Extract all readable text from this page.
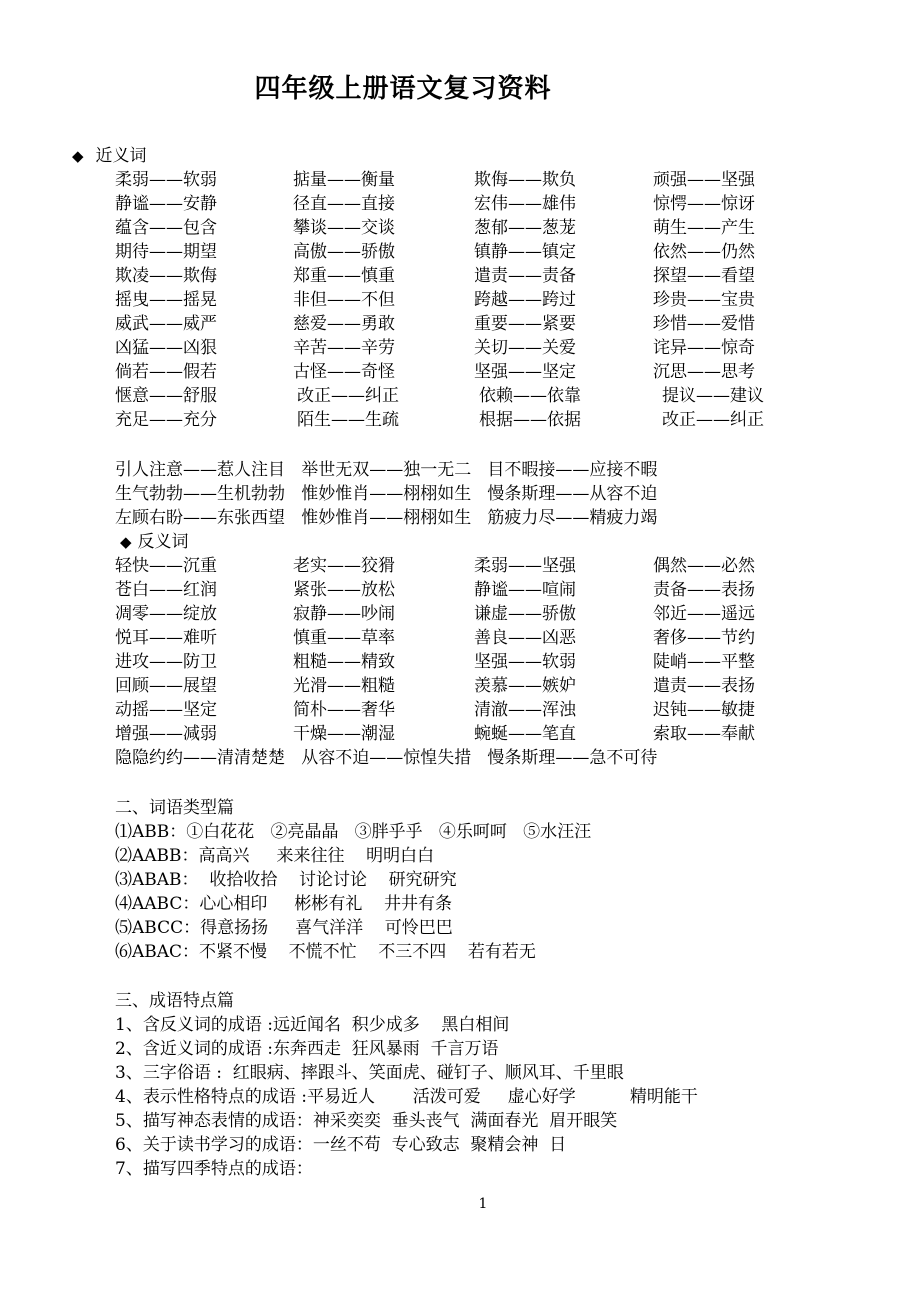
四年级上册语文复习资料
◆ 近义词
柔弱——软弱	掂量——衡量	欺侮——欺负	顽强——坚强
静谧——安静	径直——直接	宏伟——雄伟	惊愕——惊讶
蕴含——包含	攀谈——交谈	葱郁——葱茏	萌生——产生
期待——期望	高傲——骄傲	镇静——镇定	依然——仍然
欺凌——欺侮	郑重——慎重	遣责——责备	探望——看望
摇曳——摇晃	非但——不但	跨越——跨过	珍贵——宝贵
威武——威严	慈爱——勇敢	重要——紧要	珍惜——爱惜
凶猛——凶狠	辛苦——辛劳	关切——关爱	诧异——惊奇
倘若——假若	古怪——奇怪	坚强——坚定	沉思——思考
惬意——舒服	改正——纠正	依赖——依靠	提议——建议
充足——充分	陌生——生疏	根据——依据	改正——纠正
引人注意——惹人注目   举世无双——独一无二   目不暇接——应接不暇
生气勃勃——生机勃勃   惟妙惟肖——栩栩如生   慢条斯理——从容不迫
左顾右盼——东张西望   惟妙惟肖——栩栩如生   筋疲力尽——精疲力竭
◆ 反义词
轻快——沉重	老实——狡猾	柔弱——坚强	偶然——必然
苍白——红润	紧张——放松	静谧——喧闹	责备——表扬
凋零——绽放	寂静——吵闹	谦虚——骄傲	邻近——遥远
悦耳——难听	慎重——草率	善良——凶恶	奢侈——节约
进攻——防卫	粗糙——精致	坚强——软弱	陡峭——平整
回顾——展望	光滑——粗糙	羡慕——嫉妒	遣责——表扬
动摇——坚定	简朴——奢华	清澈——浑浊	迟钝——敏捷
增强——减弱	干燥——潮湿	蜿蜒——笔直	索取——奉献
隐隐约约——清清楚楚   从容不迫——惊惶失措   慢条斯理——急不可待
二、词语类型篇
⑴ABB：①白花花   ②亮晶晶   ③胖乎乎   ④乐呵呵   ⑤水汪汪
⑵AABB：高高兴     来来往往    明明白白
⑶ABAB：  收拾收拾    讨论讨论    研究研究
⑷AABC：心心相印     彬彬有礼    井井有条
⑸ABCC：得意扬扬     喜气洋洋    可怜巴巴
⑹ABAC：不紧不慢    不慌不忙    不三不四    若有若无
三、成语特点篇
1、含反义词的成语 :远近闻名  积少成多    黑白相间
2、含近义词的成语 :东奔西走  狂风暴雨  千言万语
3、三字俗语 :  红眼病、摔跟斗、笑面虎、碰钉子、顺风耳、千里眼
4、表示性格特点的成语 :平易近人       活泼可爱     虚心好学          精明能干
5、描写神态表情的成语：神采奕奕  垂头丧气  满面春光  眉开眼笑
6、关于读书学习的成语：一丝不苟  专心致志  聚精会神  日
7、描写四季特点的成语：
1
